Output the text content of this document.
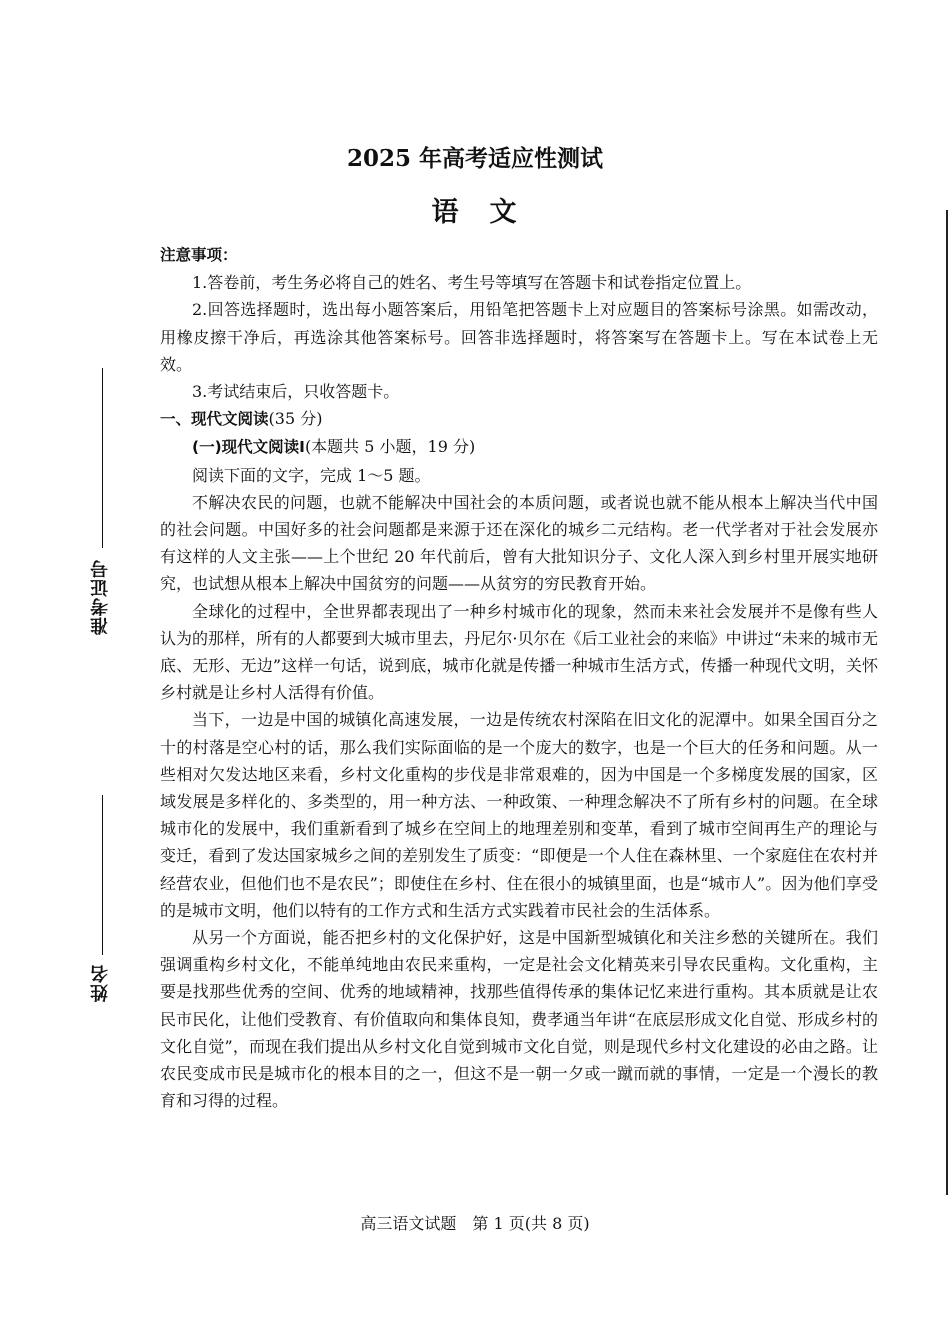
准考证号
姓名
2025 年高考适应性测试
语　文

注意事项：

1.答卷前，考生务必将自己的姓名、考生号等填写在答题卡和试卷指定位置上。

2.回答选择题时，选出每小题答案后，用铅笔把答题卡上对应题目的答案标号涂黑。如需改动，用橡皮擦干净后，再选涂其他答案标号。回答非选择题时，将答案写在答题卡上。写在本试卷上无效。

3.考试结束后，只收答题卡。

一、现代文阅读(35 分)

(一)现代文阅读Ⅰ(本题共 5 小题，19 分)

阅读下面的文字，完成 1～5 题。

不解决农民的问题，也就不能解决中国社会的本质问题，或者说也就不能从根本上解决当代中国的社会问题。中国好多的社会问题都是来源于还在深化的城乡二元结构。老一代学者对于社会发展亦有这样的人文主张——上个世纪 20 年代前后，曾有大批知识分子、文化人深入到乡村里开展实地研究，也试想从根本上解决中国贫穷的问题——从贫穷的穷民教育开始。

全球化的过程中，全世界都表现出了一种乡村城市化的现象，然而未来社会发展并不是像有些人认为的那样，所有的人都要到大城市里去，丹尼尔·贝尔在《后工业社会的来临》中讲过“未来的城市无底、无形、无边”这样一句话，说到底，城市化就是传播一种城市生活方式，传播一种现代文明，关怀乡村就是让乡村人活得有价值。

当下，一边是中国的城镇化高速发展，一边是传统农村深陷在旧文化的泥潭中。如果全国百分之十的村落是空心村的话，那么我们实际面临的是一个庞大的数字，也是一个巨大的任务和问题。从一些相对欠发达地区来看，乡村文化重构的步伐是非常艰难的，因为中国是一个多梯度发展的国家，区域发展是多样化的、多类型的，用一种方法、一种政策、一种理念解决不了所有乡村的问题。在全球城市化的发展中，我们重新看到了城乡在空间上的地理差别和变革，看到了城市空间再生产的理论与变迁，看到了发达国家城乡之间的差别发生了质变：“即便是一个人住在森林里、一个家庭住在农村并经营农业，但他们也不是农民”；即使住在乡村、住在很小的城镇里面，也是“城市人”。因为他们享受的是城市文明，他们以特有的工作方式和生活方式实践着市民社会的生活体系。

从另一个方面说，能否把乡村的文化保护好，这是中国新型城镇化和关注乡愁的关键所在。我们强调重构乡村文化，不能单纯地由农民来重构，一定是社会文化精英来引导农民重构。文化重构，主要是找那些优秀的空间、优秀的地域精神，找那些值得传承的集体记忆来进行重构。其本质就是让农民市民化，让他们受教育、有价值取向和集体良知，费孝通当年讲“在底层形成文化自觉、形成乡村的文化自觉”，而现在我们提出从乡村文化自觉到城市文化自觉，则是现代乡村文化建设的必由之路。让农民变成市民是城市化的根本目的之一，但这不是一朝一夕或一蹴而就的事情，一定是一个漫长的教育和习得的过程。

高三语文试题　第 1 页(共 8 页)
